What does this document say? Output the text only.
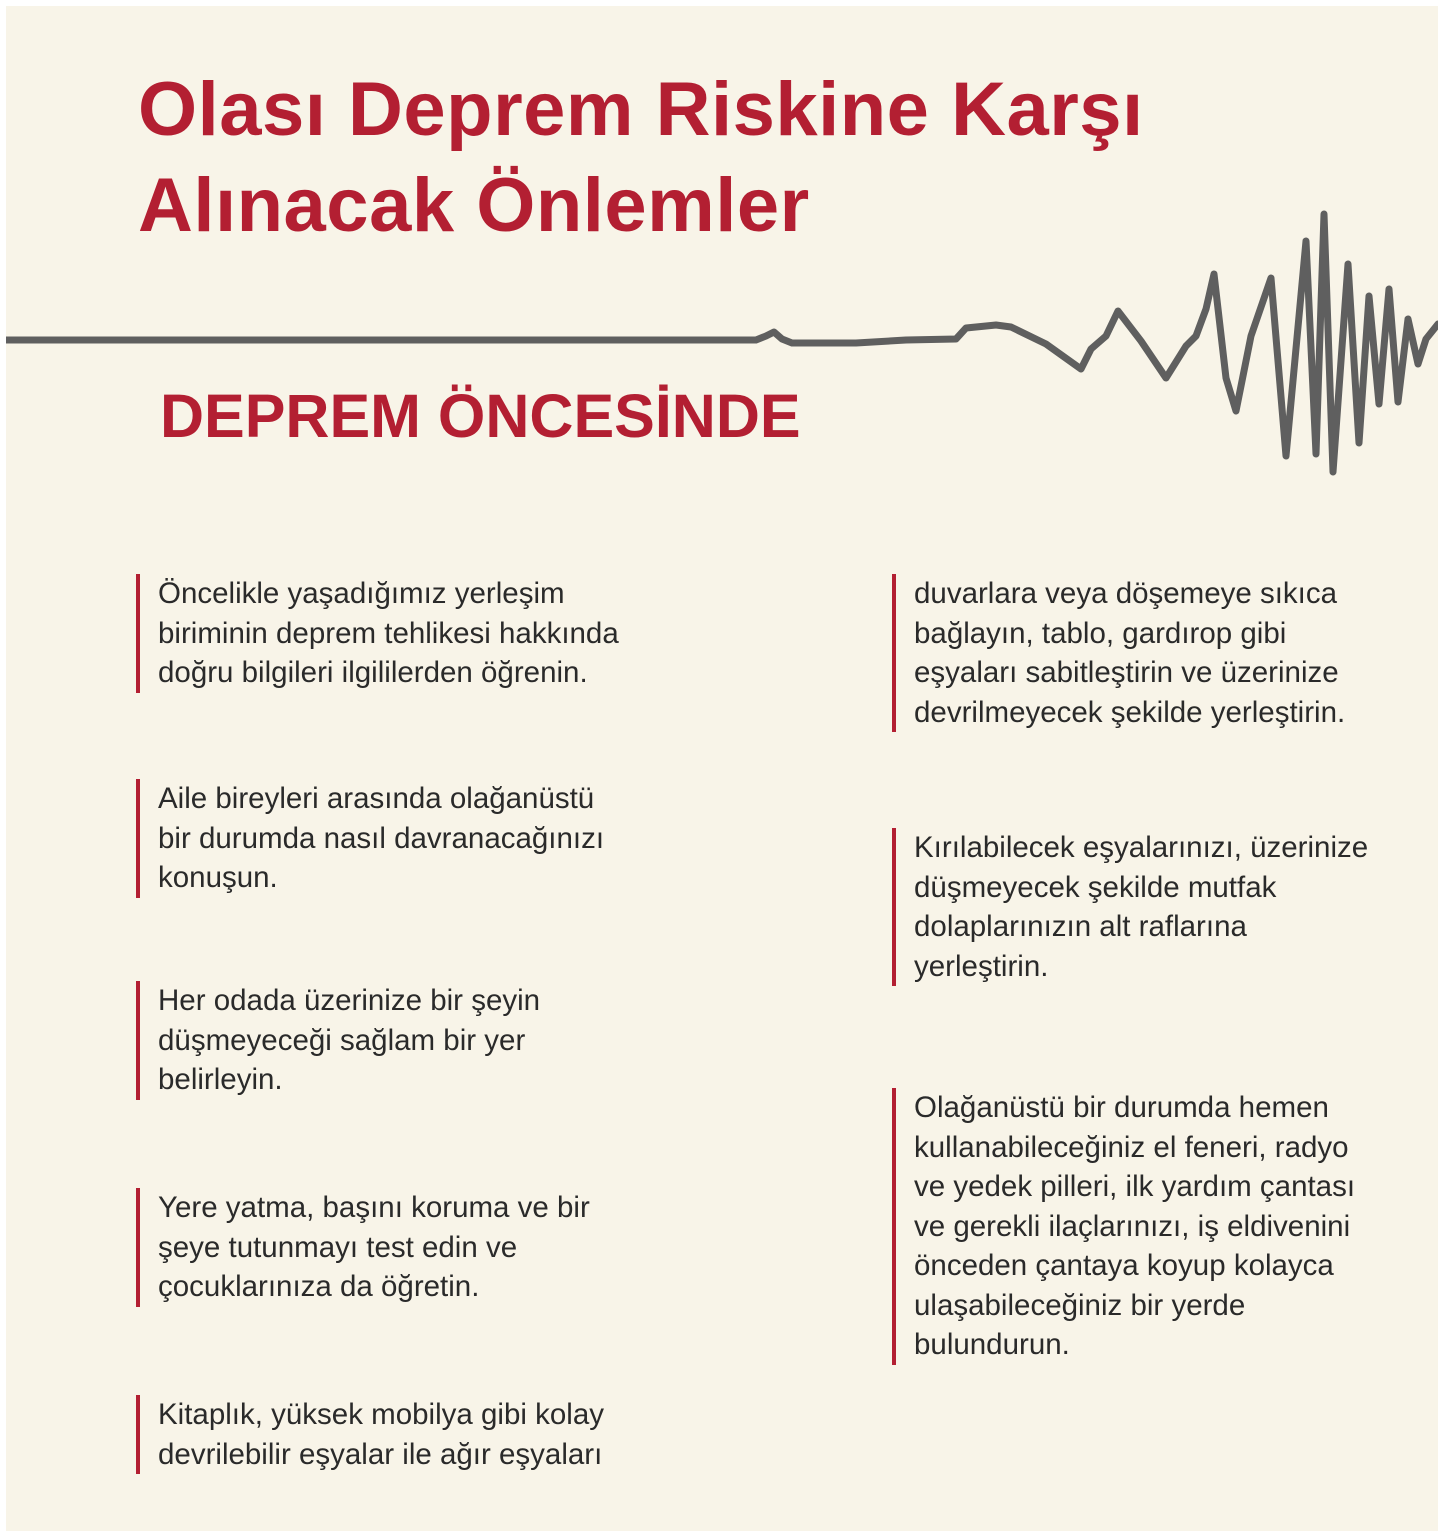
Olası Deprem Riskine Karşı
Alınacak Önlemler
DEPREM ÖNCESİNDE
Öncelikle yaşadığımız yerleşim
biriminin deprem tehlikesi hakkında
doğru bilgileri ilgililerden öğrenin.
Aile bireyleri arasında olağanüstü
bir durumda nasıl davranacağınızı
konuşun.
Her odada üzerinize bir şeyin
düşmeyeceği sağlam bir yer
belirleyin.
Yere yatma, başını koruma ve bir
şeye tutunmayı test edin ve
çocuklarınıza da öğretin.
Kitaplık, yüksek mobilya gibi kolay
devrilebilir eşyalar ile ağır eşyaları
duvarlara veya döşemeye sıkıca
bağlayın, tablo, gardırop gibi
eşyaları sabitleştirin ve üzerinize
devrilmeyecek şekilde yerleştirin.
Kırılabilecek eşyalarınızı, üzerinize
düşmeyecek şekilde mutfak
dolaplarınızın alt raflarına
yerleştirin.
Olağanüstü bir durumda hemen
kullanabileceğiniz el feneri, radyo
ve yedek pilleri, ilk yardım çantası
ve gerekli ilaçlarınızı, iş eldivenini
önceden çantaya koyup kolayca
ulaşabileceğiniz bir yerde
bulundurun.
